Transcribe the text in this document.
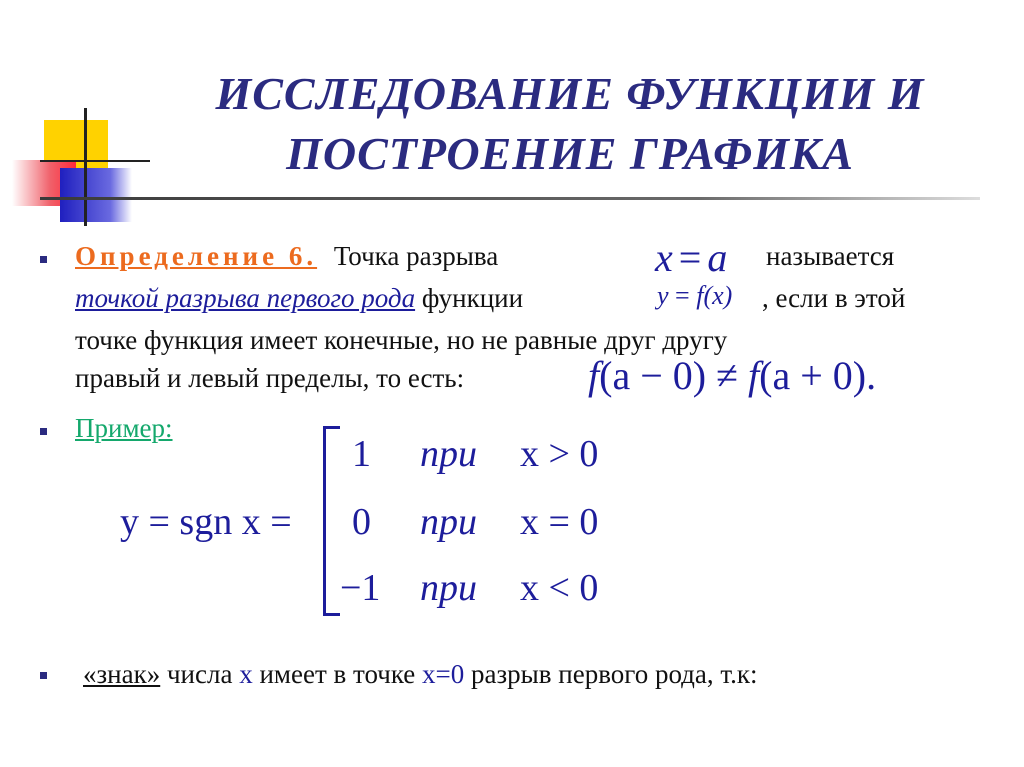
ИССЛЕДОВАНИЕ ФУНКЦИИ И
ПОСТРОЕНИЕ ГРАФИКА
Определение 6. Точка разрыва	x = a называется
точкой разрыва первого рода функции	y = f(x) , если в этой
точке функция имеет конечные, но не равные друг другу
правый и левый пределы, то есть:	f(a − 0) ≠ f(a + 0).
Пример:
y = sgn x =
1 при x > 0
0 при x = 0
−1 при x < 0
«знак» числа x имеет в точке x=0 разрыв первого рода, т.к:
